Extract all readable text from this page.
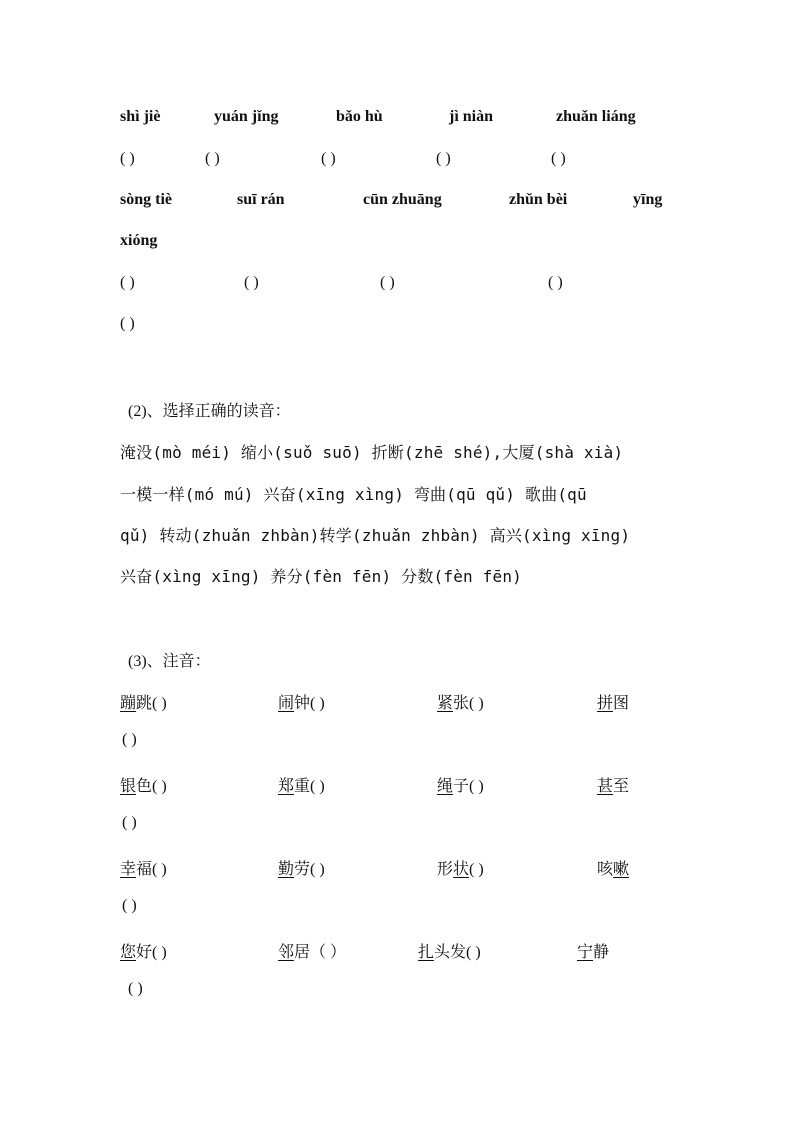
shì jiè	yuán jǐng	bǎo hù	jì niàn	zhuǎn liáng
( )	( )	( )	( )	( )
sòng tiè	suī rán	cūn zhuāng	zhǔn bèi	yīng
xióng
( )	( )	( )	( )
( )
(2)、选择正确的读音：
淹没(mò méi) 缩小(suǒ suō) 折断(zhē shé),大厦(shà xià)
一模一样(mó mú) 兴奋(xīng xìng) 弯曲(qū qǔ) 歌曲(qū
qǔ) 转动(zhuǎn zhbàn)转学(zhuǎn zhbàn) 高兴(xìng xīng)
兴奋(xìng xīng) 养分(fèn fēn) 分数(fèn fēn)
(3)、注音：
蹦跳( )	闹钟( )	紧张( )	拼图
( )
银色( )	郑重( )	绳子( )	甚至
( )
幸福( )	勤劳( )	形状( )	咳嗽
( )
您好( )	邻居（ ）	扎头发( )	宁静
( )
